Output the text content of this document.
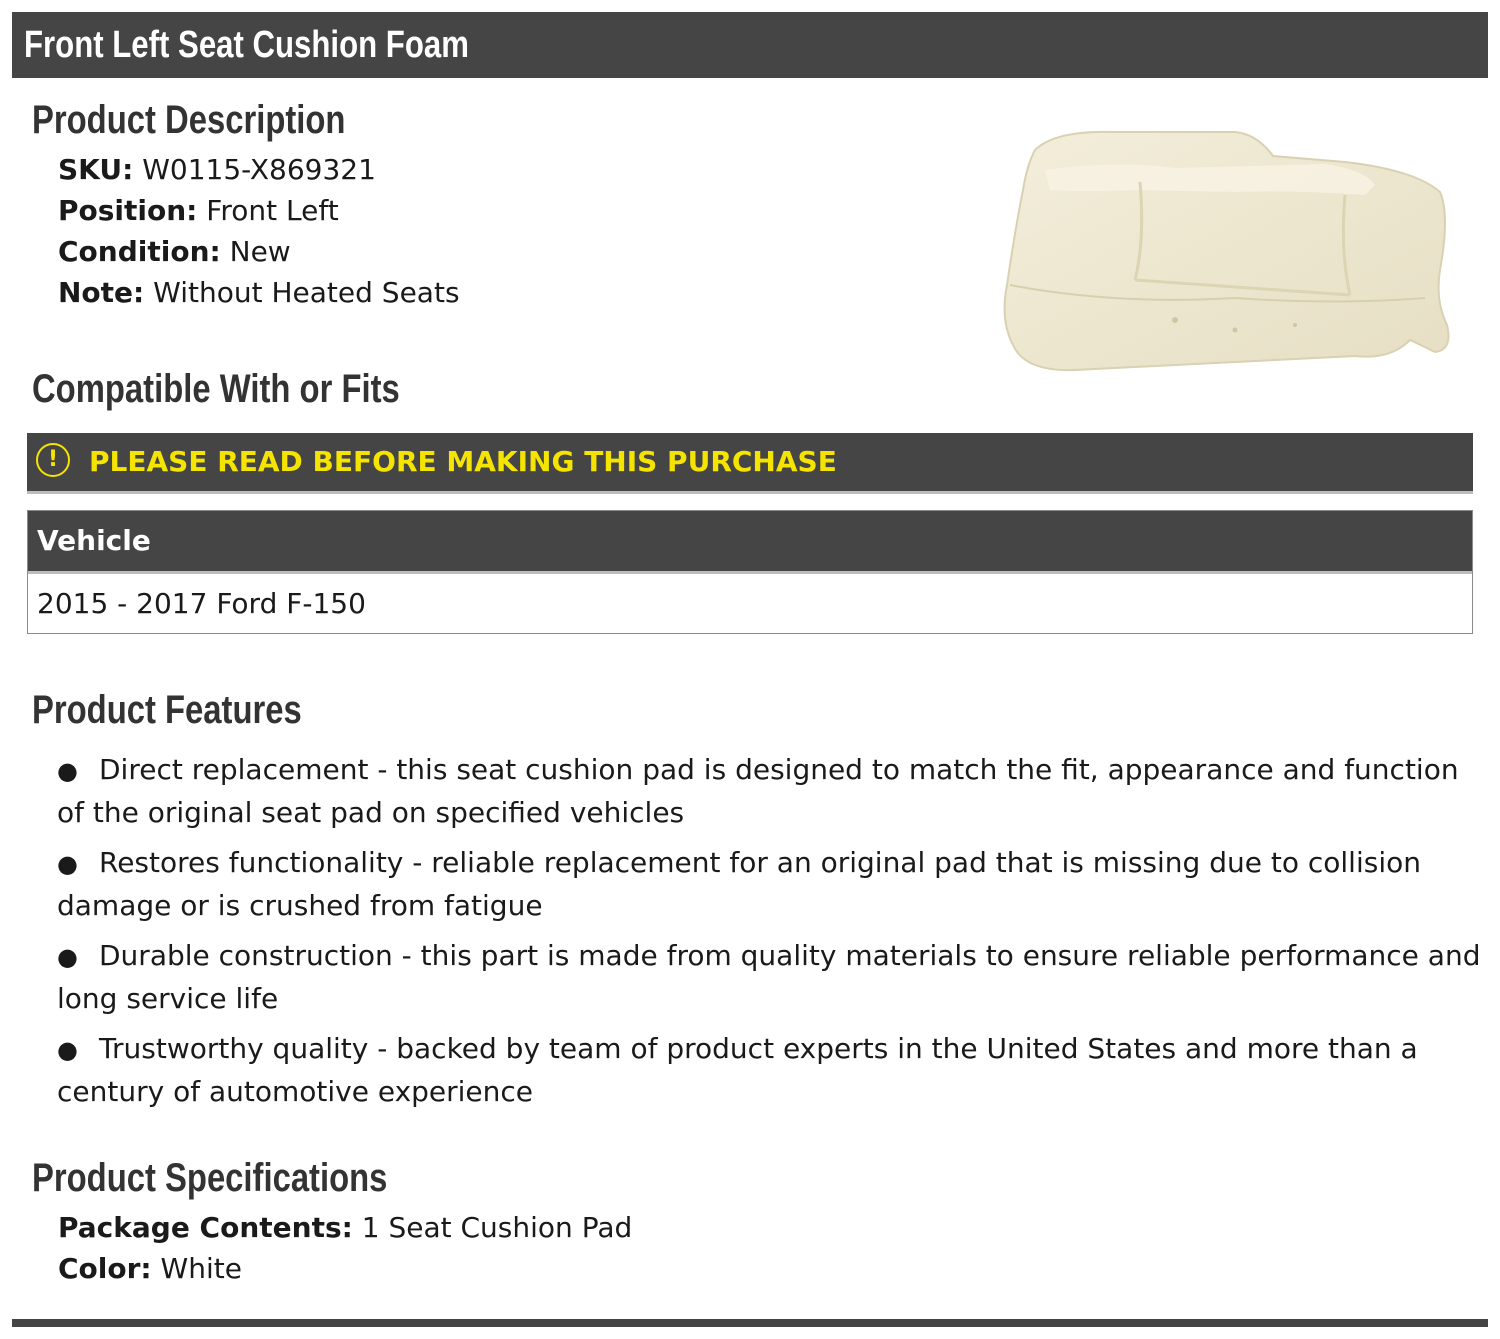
Front Left Seat Cushion Foam
Product Description
SKU: W0115-X869321
Position: Front Left
Condition: New
Note: Without Heated Seats
Compatible With or Fits
!	PLEASE READ BEFORE MAKING THIS PURCHASE
Vehicle
2015 - 2017 Ford F-150
Product Features
● Direct replacement - this seat cushion pad is designed to match the fit, appearance and function of the original seat pad on specified vehicles
● Restores functionality - reliable replacement for an original pad that is missing due to collision damage or is crushed from fatigue
● Durable construction - this part is made from quality materials to ensure reliable performance and long service life
● Trustworthy quality - backed by team of product experts in the United States and more than a century of automotive experience
Product Specifications
Package Contents: 1 Seat Cushion Pad
Color: White
